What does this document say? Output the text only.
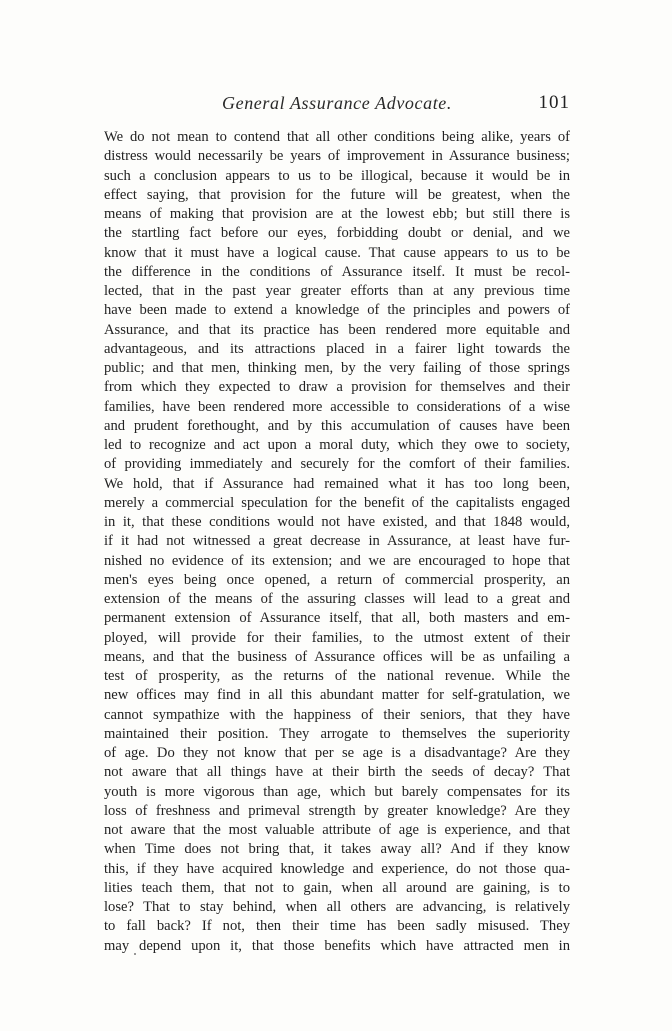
General Assurance Advocate.	101
We do not mean to contend that all other conditions being alike, years of
distress would necessarily be years of improvement in Assurance business;
such a conclusion appears to us to be illogical, because it would be in
effect saying, that provision for the future will be greatest, when the
means of making that provision are at the lowest ebb; but still there is
the startling fact before our eyes, forbidding doubt or denial, and we
know that it must have a logical cause. That cause appears to us to be
the difference in the conditions of Assurance itself. It must be recol-
lected, that in the past year greater efforts than at any previous time
have been made to extend a knowledge of the principles and powers of
Assurance, and that its practice has been rendered more equitable and
advantageous, and its attractions placed in a fairer light towards the
public; and that men, thinking men, by the very failing of those springs
from which they expected to draw a provision for themselves and their
families, have been rendered more accessible to considerations of a wise
and prudent forethought, and by this accumulation of causes have been
led to recognize and act upon a moral duty, which they owe to society,
of providing immediately and securely for the comfort of their families.
We hold, that if Assurance had remained what it has too long been,
merely a commercial speculation for the benefit of the capitalists engaged
in it, that these conditions would not have existed, and that 1848 would,
if it had not witnessed a great decrease in Assurance, at least have fur-
nished no evidence of its extension; and we are encouraged to hope that
men's eyes being once opened, a return of commercial prosperity, an
extension of the means of the assuring classes will lead to a great and
permanent extension of Assurance itself, that all, both masters and em-
ployed, will provide for their families, to the utmost extent of their
means, and that the business of Assurance offices will be as unfailing a
test of prosperity, as the returns of the national revenue. While the
new offices may find in all this abundant matter for self-gratulation, we
cannot sympathize with the happiness of their seniors, that they have
maintained their position. They arrogate to themselves the superiority
of age. Do they not know that per se age is a disadvantage? Are they
not aware that all things have at their birth the seeds of decay? That
youth is more vigorous than age, which but barely compensates for its
loss of freshness and primeval strength by greater knowledge? Are they
not aware that the most valuable attribute of age is experience, and that
when Time does not bring that, it takes away all? And if they know
this, if they have acquired knowledge and experience, do not those qua-
lities teach them, that not to gain, when all around are gaining, is to
lose? That to stay behind, when all others are advancing, is relatively
to fall back? If not, then their time has been sadly misused. They
may depend upon it, that those benefits which have attracted men in
